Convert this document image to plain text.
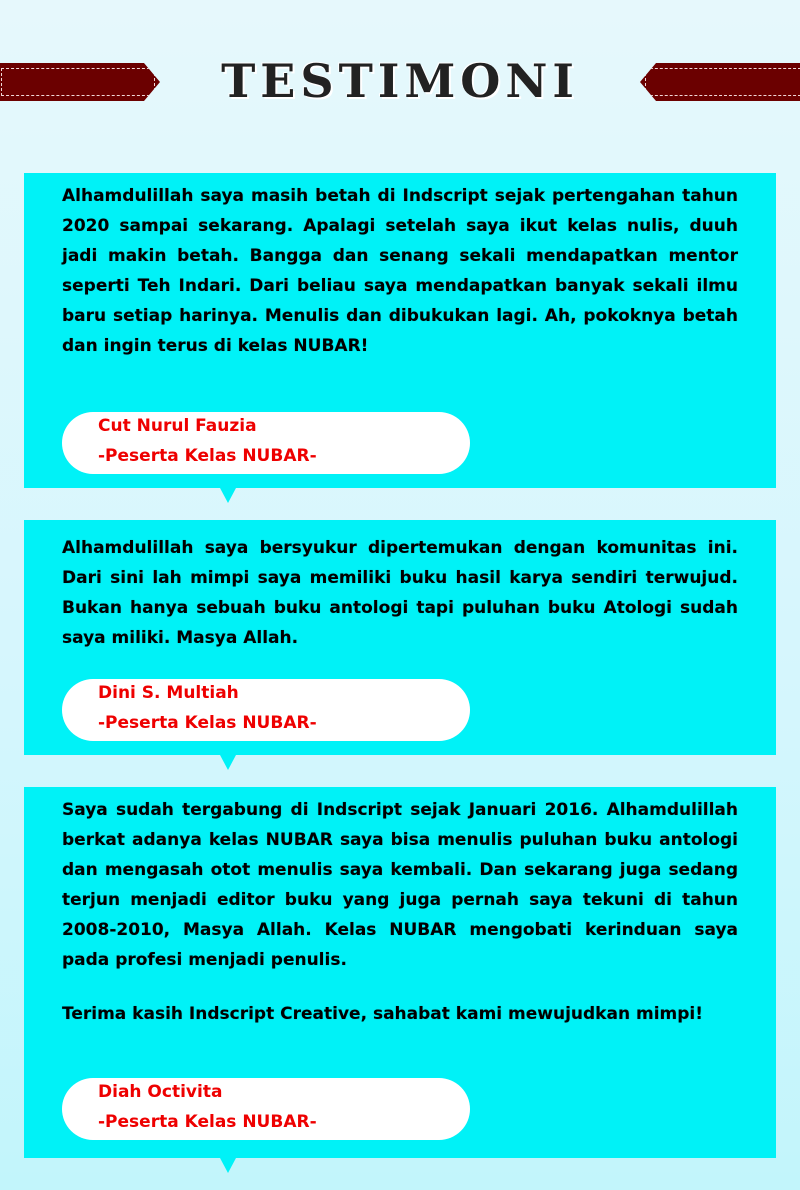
TESTIMONI

Alhamdulillah saya masih betah di Indscript sejak pertengahan tahun 2020 sampai sekarang. Apalagi setelah saya ikut kelas nulis, duuh jadi makin betah. Bangga dan senang sekali mendapatkan mentor seperti Teh Indari. Dari beliau saya mendapatkan banyak sekali ilmu baru setiap harinya. Menulis dan dibukukan lagi. Ah, pokoknya betah dan ingin terus di kelas NUBAR!

Cut Nurul Fauzia
-Peserta Kelas NUBAR-

Alhamdulillah saya bersyukur dipertemukan dengan komunitas ini. Dari sini lah mimpi saya memiliki buku hasil karya sendiri terwujud. Bukan hanya sebuah buku antologi tapi puluhan buku Atologi sudah saya miliki. Masya Allah.

Dini S. Multiah
-Peserta Kelas NUBAR-

Saya sudah tergabung di Indscript sejak Januari 2016. Alhamdulillah berkat adanya kelas NUBAR saya bisa menulis puluhan buku antologi dan mengasah otot menulis saya kembali. Dan sekarang juga sedang terjun menjadi editor buku yang juga pernah saya tekuni di tahun 2008-2010, Masya Allah. Kelas NUBAR mengobati kerinduan saya pada profesi menjadi penulis.

Terima kasih Indscript Creative, sahabat kami mewujudkan mimpi!

Diah Octivita
-Peserta Kelas NUBAR-
